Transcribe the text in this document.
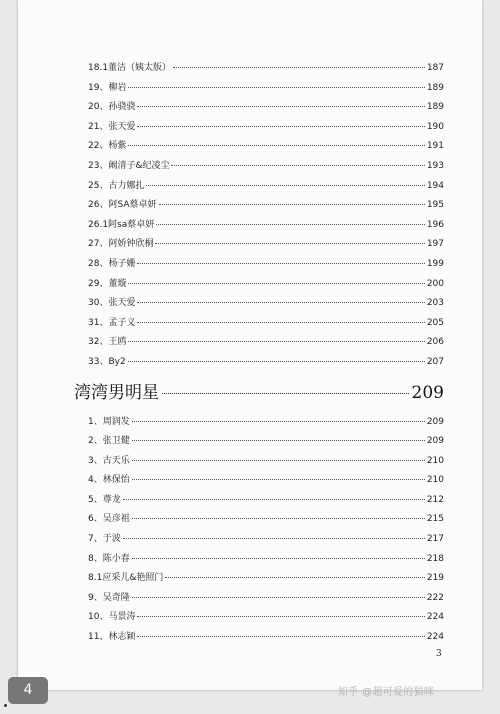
18.1董洁（姨太版）	187
19、柳岩	189
20、孙骁骁	189
21、张天爱	190
22、杨紫	191
23、阚清子&纪凌尘	193
25、古力娜扎	194
26、阿SA蔡卓妍	195
26.1阿sa蔡卓妍	196
27、阿娇钟欣桐	197
28、杨子姗	199
29、董璇	200
30、张天爱	203
31、孟子义	205
32、王鸥	206
33、By2	207
湾湾男明星	209
1、周润发	209
2、张卫健	209
3、古天乐	210
4、林保怡	210
5、尊龙	212
6、吴彦祖	215
7、于波	217
8、陈小春	218
8.1应采儿&艳照门	219
9、吴奇隆	222
10、马景涛	224
11、林志颖	224
3
4	知乎 @超可爱的猫咪
